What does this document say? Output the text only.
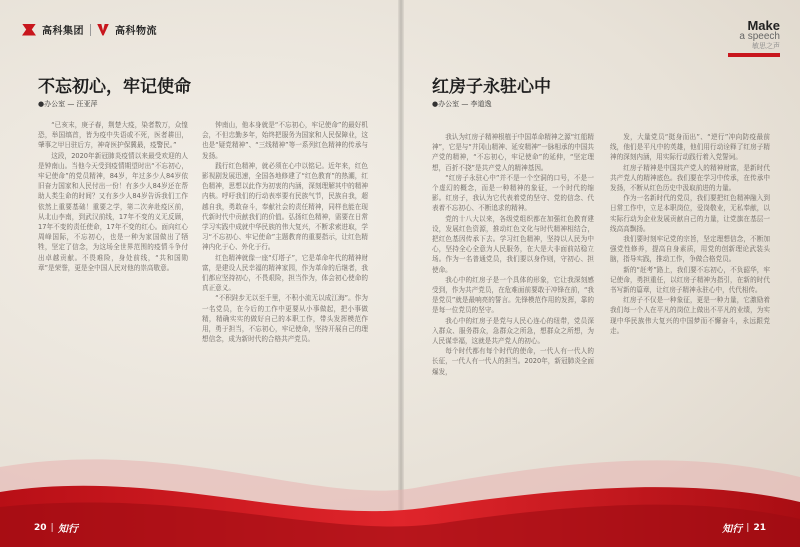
高科集团	高科物流	Make
a speech
敏思之声
不忘初心，牢记使命
●办公室 — 汪亚萍

“已亥末，庚子春，荆楚大疫，染者数万，众惶恐，举国缟首，皆为疫中失语或不死，医者耕田，肇事之甲日驻后方，神奇医护保冀最，疫警民。”

这段，2020年新冠肺炎疫情以来最受欢迎的人是钟南山。当他今天受到疫情期望时出“不忘初心，牢记使命”的党员精神，84岁，年过多少人84岁依旧奋力国家和人民付出一份！有多少人84岁还在帮助人类生命的时间？又有多少人84岁告诉我们工作依然上重要基础！重要之学，第二次奔赴疫区前，从北山李南，到武汉前线，17年不变的义无反顾，17年不变的责任使命，17年不变的红心。面向红心周峰国际，不忘初心，也是一种为家国做出了牺牲，坚定了信念，为这场全世界范围的疫情斗争付出卓越贡献。不畏难险，身处前线，“共和国勋章”是荣誉，更是全中国人民对他的崇高敬意。

钟南山，他本身就是“不忘初心，牢记使命”的最好机会，不但忠勤多年，始终把服务为国家和人民保障业，这也是“疑党精神”、“三线精神”等一系列红色精神的传承与发扬。

践行红色精神，就必须在心中以铭记。近年来，红色影视剧发展迅速，全国各地修建了“红色教育”的热潮，红色精神，思想以此作为初衷的内涵，深刻理解其中的精神内核。呼吁我们的行动表率要有民族气节，民族自我，超越自我，勇敢奋斗，奉献社会的责任精神，同样也能在现代新时代中贡献我们的价值。弘扬红色精神，需要在日常学习实践中成就中华民族的伟大复兴，不断求索进取，学习“不忘初心、牢记使命”主题教育的重要指示，让红色精神内化于心、外化于行。

红色精神就像一座“灯塔子”，它是革命年代的精神财富，是建设人民幸福的精神家园，作为革命的后继者，我们都应坚持初心，不畏艰险，担当作为，体会初心使命的真正意义。

“不积跬步无以至千里，不积小流无以成江海”。作为一名党员，在今后的工作中更要从小事做起，把小事做精，精确实实的做好自己的本职工作，带头发挥模范作用，勇于担当，不忘初心，牢记使命，坚持开展自己的理想信念，成为新时代的合格共产党员。

红房子永驻心中
●办公室 — 李道逸

我认为红房子精神根植于中国革命精神之源“红船精神”，它是与“井冈山精神、延安精神”一脉相承的中国共产党的精神，“不忘初心，牢记使命”的延伸，“坚定理想，百折不挠”是共产党人的精神基因。

“红房子永驻心中”并不是一个空洞的口号，不是一个虚幻的概念，而是一种精神的象征，一个时代的缩影。红房子，我认为它代表着党的坚守、党的信念、代表着不忘初心、不断追求的精神。

党的十八大以来，各级党组织都在加强红色教育建设，发展红色资源，推动红色文化与时代精神相结合，把红色基因传承下去。学习红色精神，坚持以人民为中心，坚持全心全意为人民服务，在大是大非面前站稳立场。作为一名普通党员，我们要以身作则，守初心、担使命。

我心中的红房子是一个具体的形象，它让我深刻感受到，作为共产党员，在危难面前要敢于冲锋在前，“我是党员”就是最响亮的誓言。先锋模范作用的发挥，靠的是每一位党员的坚守。

我心中的红房子是党与人民心连心的纽带，党员深入群众、服务群众，急群众之所急，想群众之所想，为人民谋幸福，这就是共产党人的初心。

每个时代都有每个时代的使命，一代人有一代人的长征，一代人有一代人的担当。2020年，新冠肺炎全面爆发，

发，大量党员“挺身而出”、“逆行”冲向防疫最前线，他们是平凡中的英雄，他们用行动诠释了红房子精神的深刻内涵，用实际行动践行着入党誓词。

红房子精神是中国共产党人的精神财富，是新时代共产党人的精神底色。我们要在学习中传承，在传承中发扬，不断从红色历史中汲取前进的力量。

作为一名新时代的党员，我们要把红色精神融入到日常工作中，立足本职岗位，爱岗敬业，无私奉献，以实际行动为企业发展贡献自己的力量，让党旗在基层一线高高飘扬。

我们要时刻牢记党的宗旨，坚定理想信念，不断加强党性修养，提高自身素质，用党的创新理论武装头脑，指导实践，推动工作，争做合格党员。

新的“赶考”路上，我们要不忘初心，不负韶华，牢记使命，勇担重任，以红房子精神为指引，在新的时代书写新的篇章，让红房子精神永驻心中，代代相传。

红房子不仅是一种象征，更是一种力量，它激励着我们每一个人在平凡的岗位上做出不平凡的业绩，为实现中华民族伟大复兴的中国梦而不懈奋斗，永远跟党走。

20 | 知行	知行 | 21
